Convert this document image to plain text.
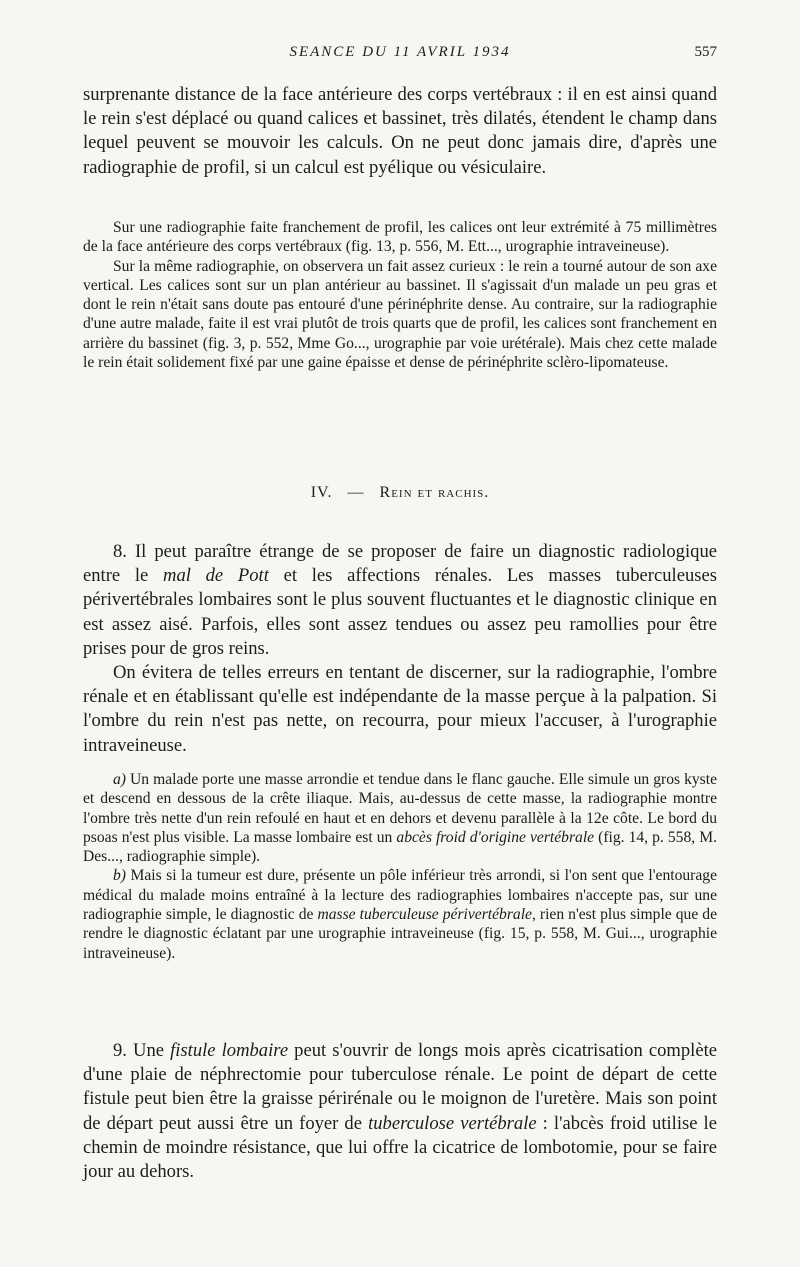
SEANCE DU 11 AVRIL 1934	557

surprenante distance de la face antérieure des corps vertébraux : il en est ainsi quand le rein s'est déplacé ou quand calices et bassinet, très dilatés, étendent le champ dans lequel peuvent se mouvoir les calculs. On ne peut donc jamais dire, d'après une radiographie de profil, si un calcul est pyélique ou vésiculaire.

Sur une radiographie faite franchement de profil, les calices ont leur extrémité à 75 millimètres de la face antérieure des corps vertébraux (fig. 13, p. 556, M. Ett..., urographie intraveineuse).

Sur la même radiographie, on observera un fait assez curieux : le rein a tourné autour de son axe vertical. Les calices sont sur un plan antérieur au bassinet. Il s'agissait d'un malade un peu gras et dont le rein n'était sans doute pas entouré d'une périnéphrite dense. Au contraire, sur la radiographie d'une autre malade, faite il est vrai plutôt de trois quarts que de profil, les calices sont franchement en arrière du bassinet (fig. 3, p. 552, Mme Go..., urographie par voie urétérale). Mais chez cette malade le rein était solidement fixé par une gaine épaisse et dense de périnéphrite sclèro-lipomateuse.

IV. — Rein et rachis.

8. Il peut paraître étrange de se proposer de faire un diagnostic radiologique entre le mal de Pott et les affections rénales. Les masses tuberculeuses périvertébrales lombaires sont le plus souvent fluctuantes et le diagnostic clinique en est assez aisé. Parfois, elles sont assez tendues ou assez peu ramollies pour être prises pour de gros reins.

On évitera de telles erreurs en tentant de discerner, sur la radiographie, l'ombre rénale et en établissant qu'elle est indépendante de la masse perçue à la palpation. Si l'ombre du rein n'est pas nette, on recourra, pour mieux l'accuser, à l'urographie intraveineuse.

a) Un malade porte une masse arrondie et tendue dans le flanc gauche. Elle simule un gros kyste et descend en dessous de la crête iliaque. Mais, au-dessus de cette masse, la radiographie montre l'ombre très nette d'un rein refoulé en haut et en dehors et devenu parallèle à la 12e côte. Le bord du psoas n'est plus visible. La masse lombaire est un abcès froid d'origine vertébrale (fig. 14, p. 558, M. Des..., radiographie simple).

b) Mais si la tumeur est dure, présente un pôle inférieur très arrondi, si l'on sent que l'entourage médical du malade moins entraîné à la lecture des radiographies lombaires n'accepte pas, sur une radiographie simple, le diagnostic de masse tuberculeuse périvertébrale, rien n'est plus simple que de rendre le diagnostic éclatant par une urographie intraveineuse (fig. 15, p. 558, M. Gui..., urographie intraveineuse).

9. Une fistule lombaire peut s'ouvrir de longs mois après cicatrisation complète d'une plaie de néphrectomie pour tuberculose rénale. Le point de départ de cette fistule peut bien être la graisse périrénale ou le moignon de l'uretère. Mais son point de départ peut aussi être un foyer de tuberculose vertébrale : l'abcès froid utilise le chemin de moindre résistance, que lui offre la cicatrice de lombotomie, pour se faire jour au dehors.
